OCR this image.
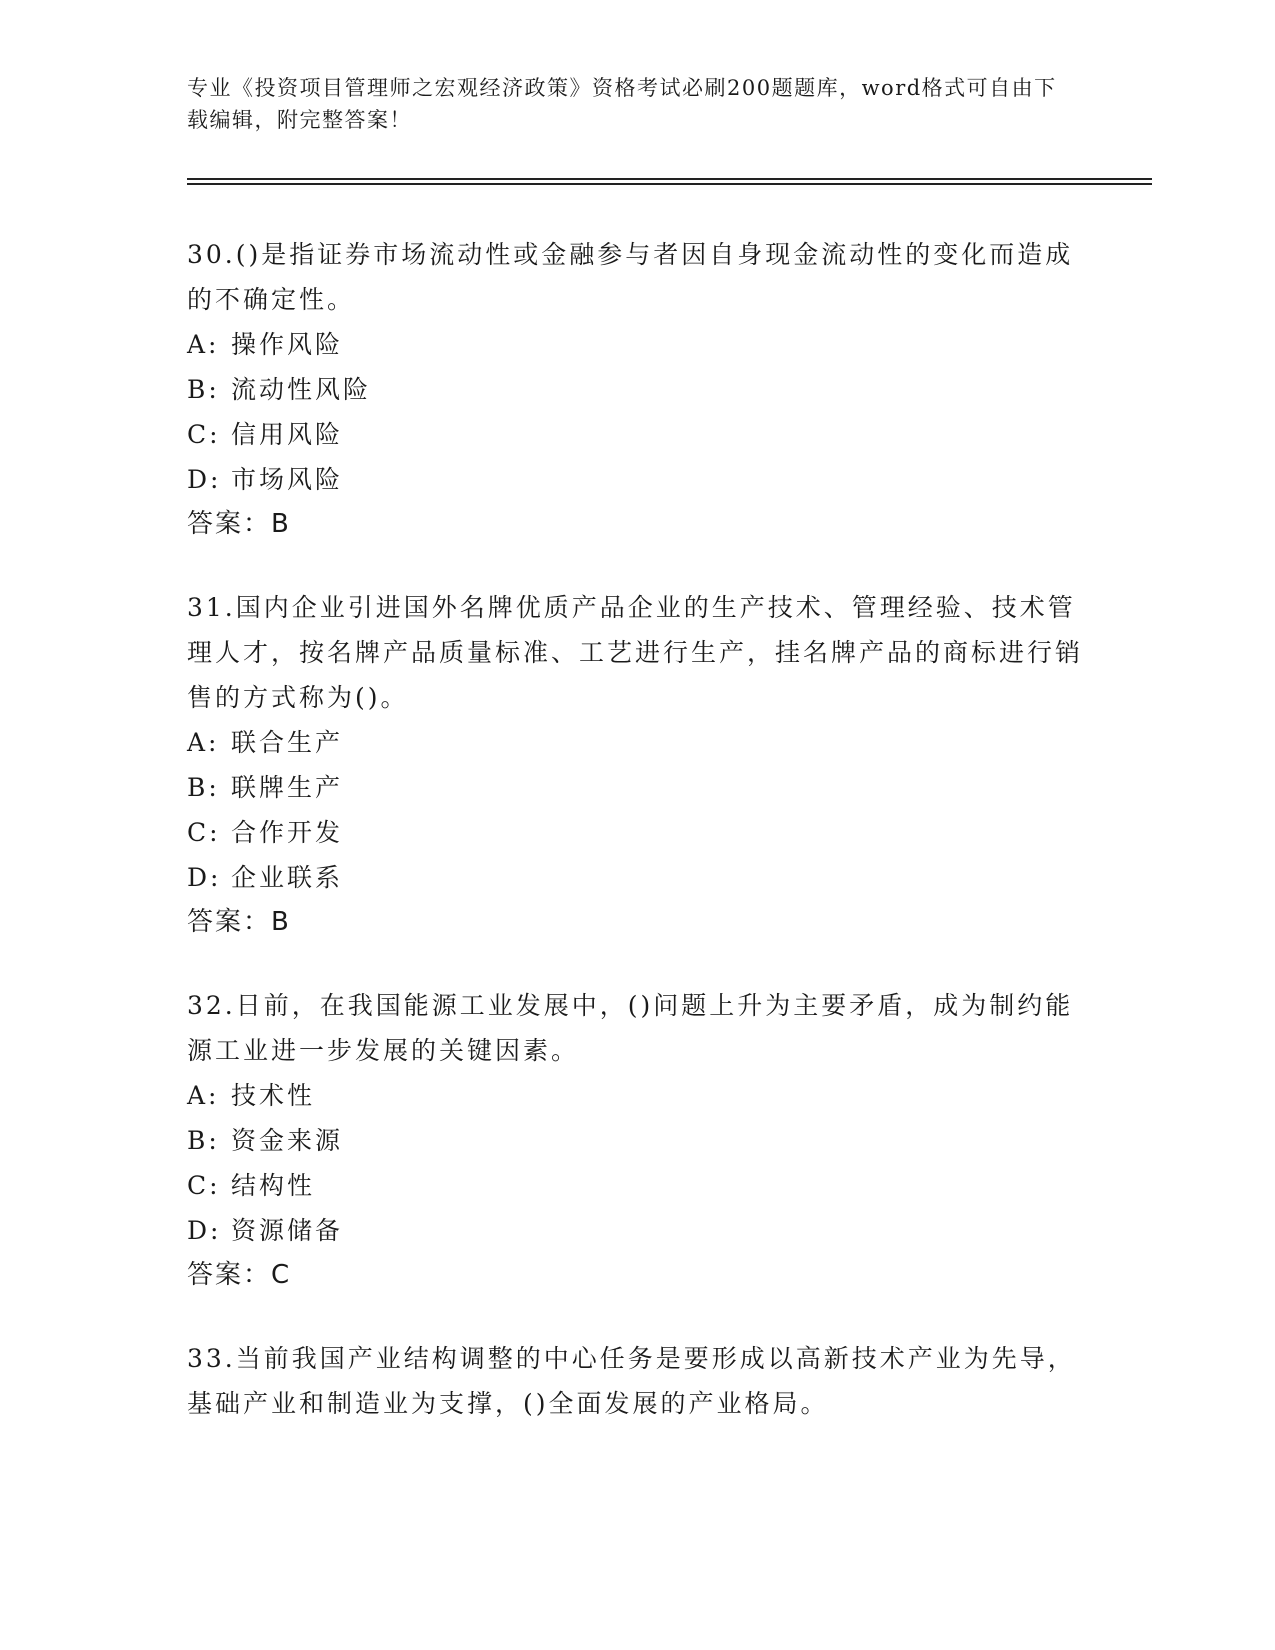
专业《投资项目管理师之宏观经济政策》资格考试必刷200题题库，word格式可自由下载编辑，附完整答案！

30.()是指证券市场流动性或金融参与者因自身现金流动性的变化而造成的不确定性。

A: 操作风险

B: 流动性风险

C: 信用风险

D: 市场风险

答案：B

31.国内企业引进国外名牌优质产品企业的生产技术、管理经验、技术管理人才，按名牌产品质量标准、工艺进行生产，挂名牌产品的商标进行销售的方式称为()。

A: 联合生产

B: 联牌生产

C: 合作开发

D: 企业联系

答案：B

32.日前，在我国能源工业发展中，()问题上升为主要矛盾，成为制约能源工业进一步发展的关键因素。

A: 技术性

B: 资金来源

C: 结构性

D: 资源储备

答案：C

33.当前我国产业结构调整的中心任务是要形成以高新技术产业为先导，基础产业和制造业为支撑，()全面发展的产业格局。
